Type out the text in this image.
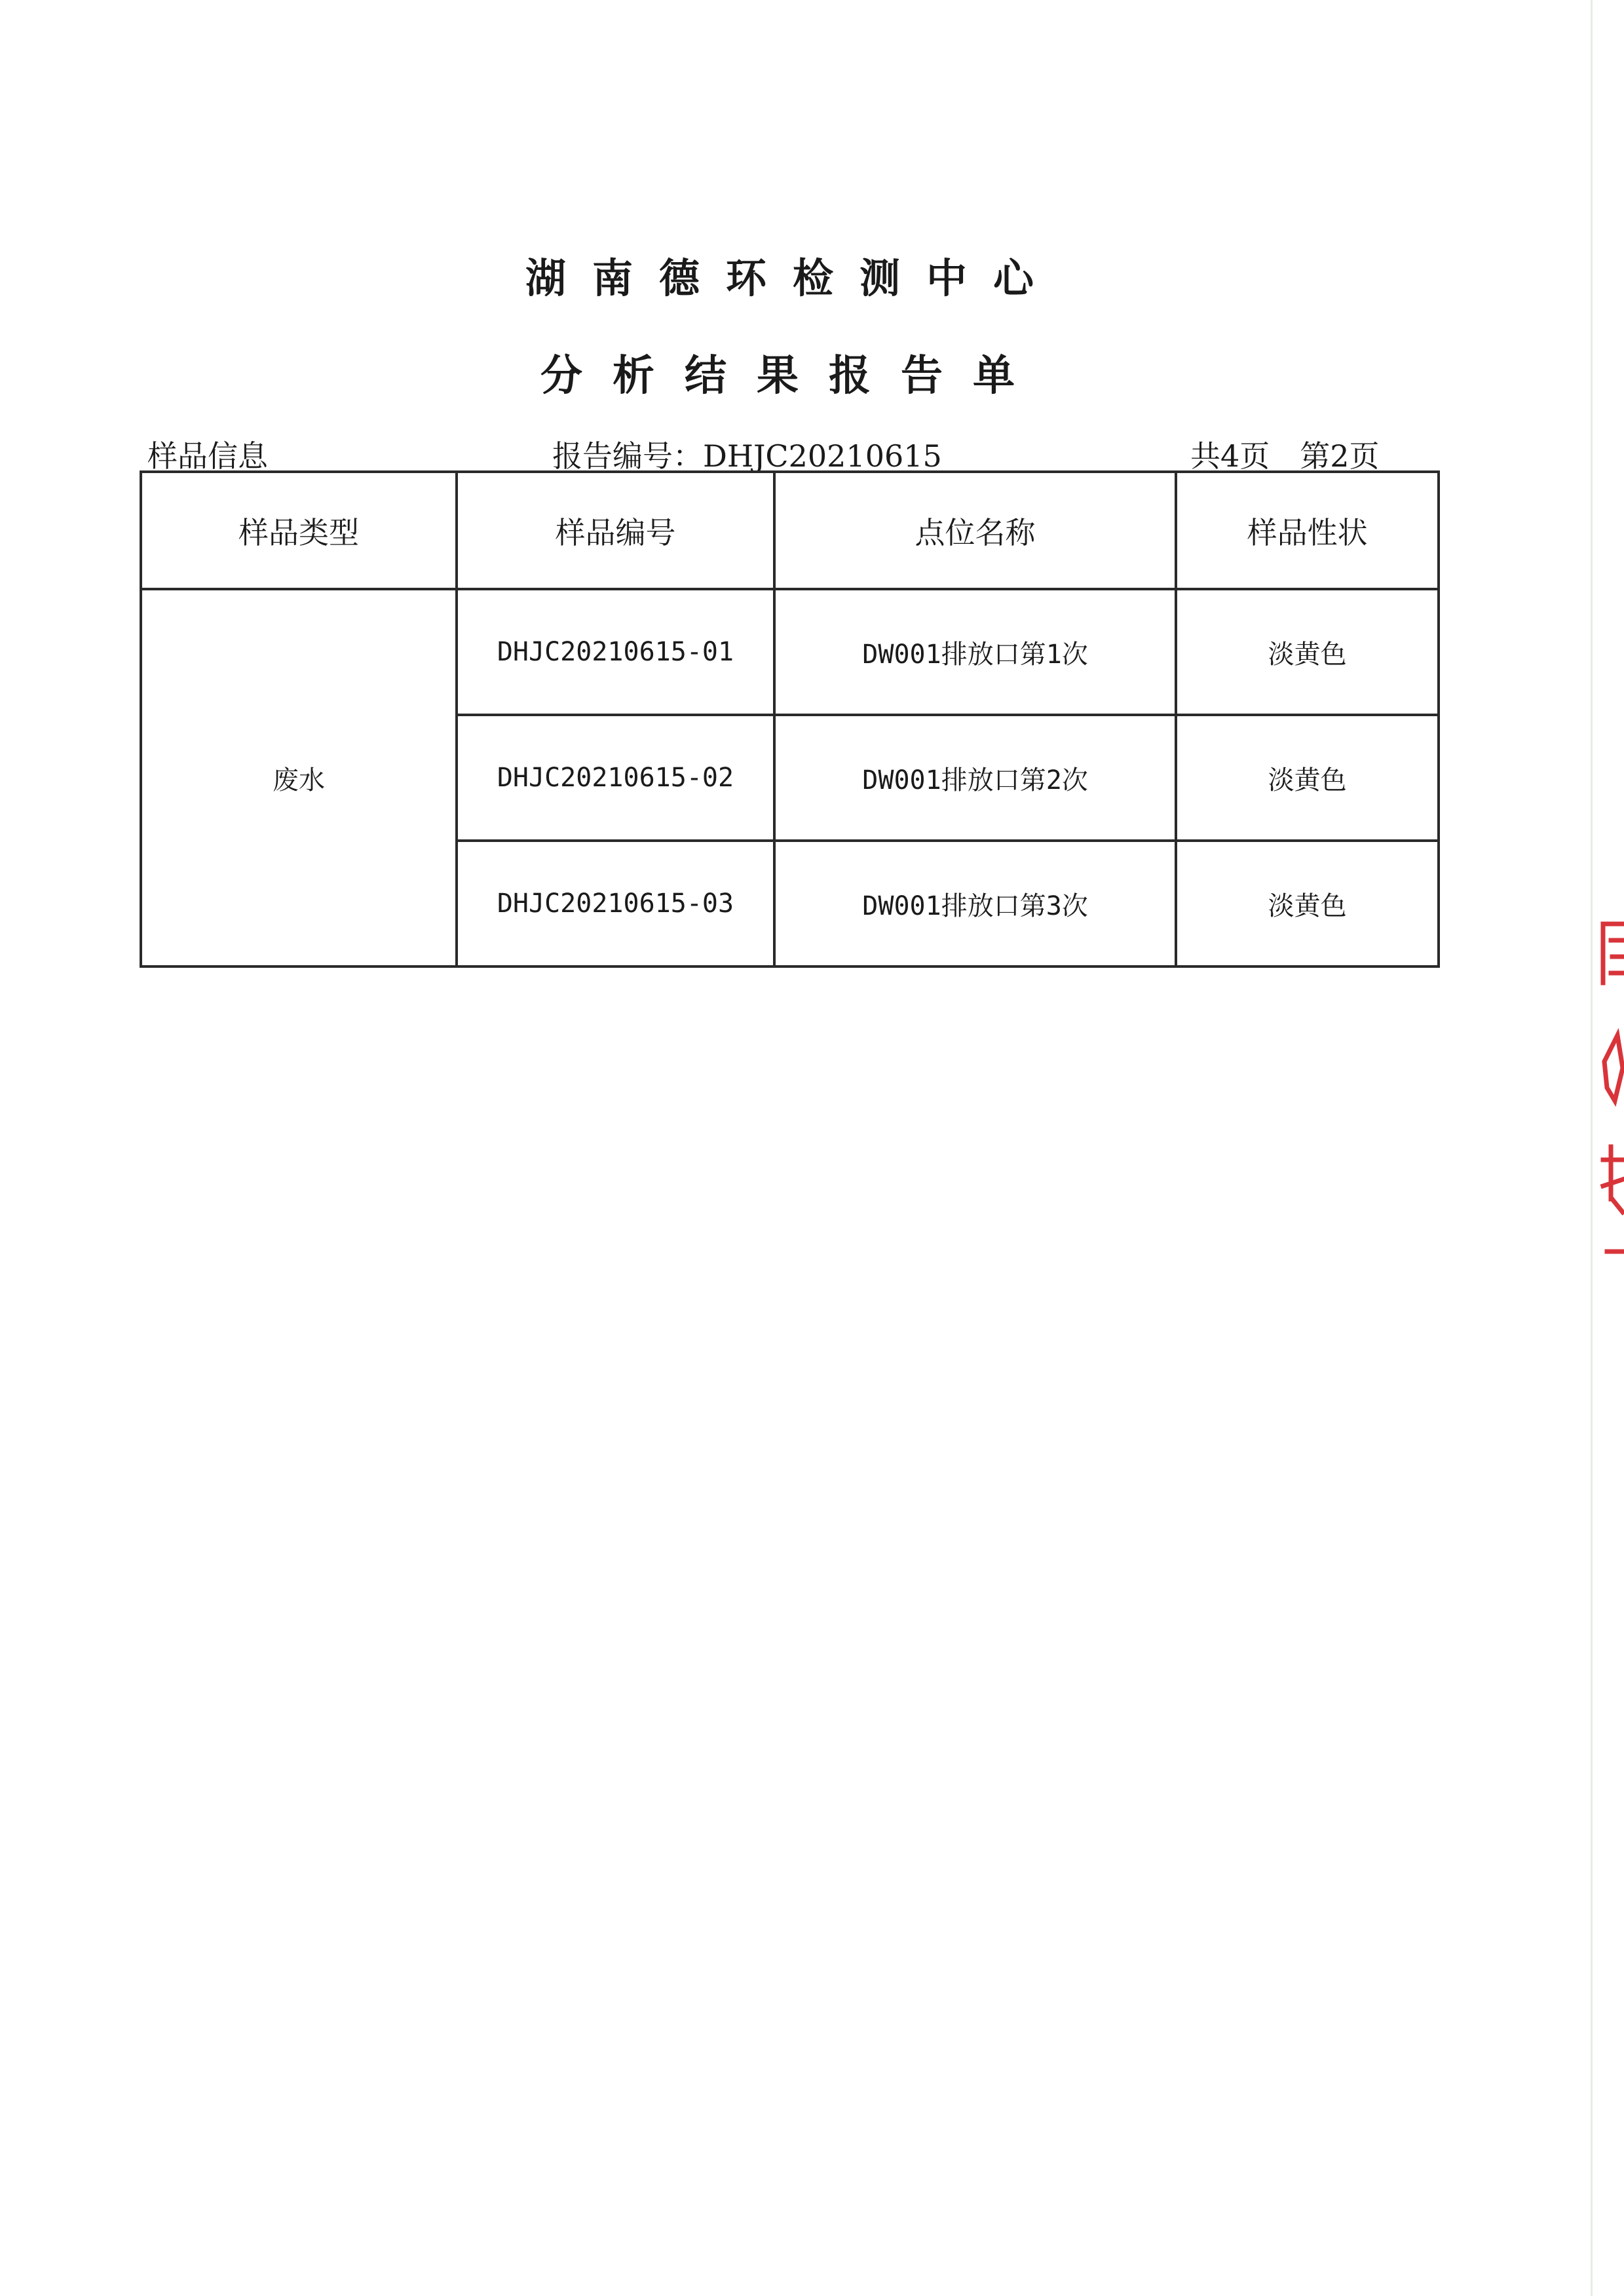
湖南德环检测中心
分析结果报告单
样品信息	报告编号：DHJC20210615	共4页　第2页
样品类型	样品编号	点位名称	样品性状
废水	DHJC20210615-01	DW001排放口第1次	淡黄色
	DHJC20210615-02	DW001排放口第2次	淡黄色
	DHJC20210615-03	DW001排放口第3次	淡黄色
